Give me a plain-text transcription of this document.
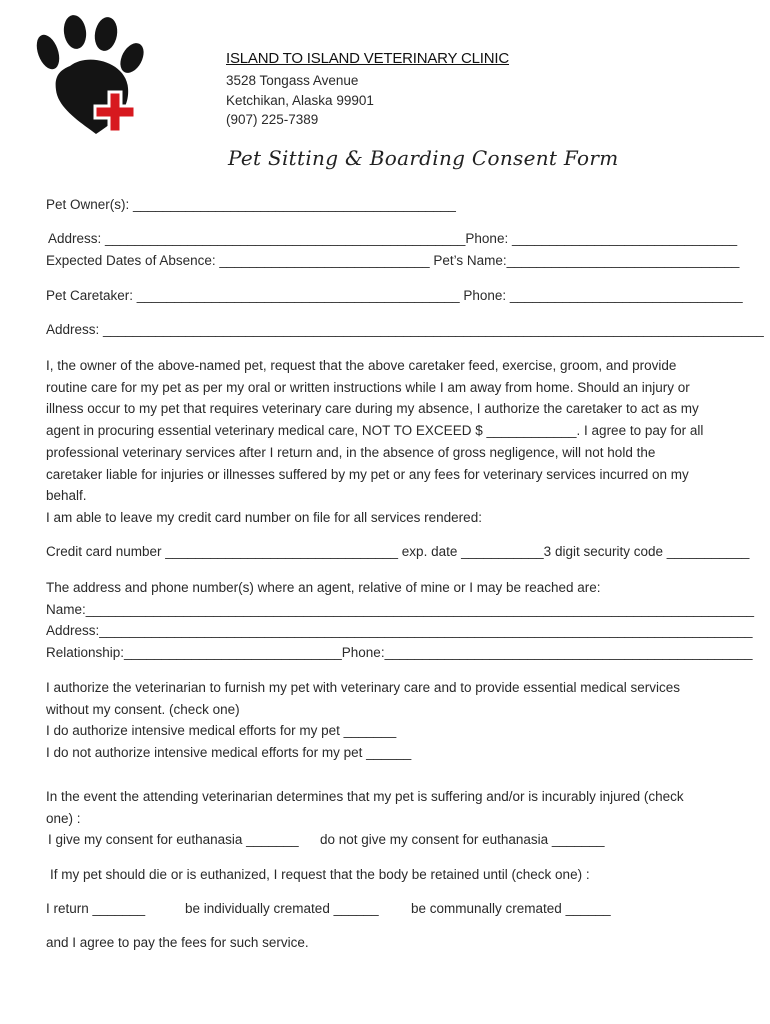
ISLAND TO ISLAND VETERINARY CLINIC
3528 Tongass Avenue
Ketchikan, Alaska 99901
(907) 225-7389
Pet Sitting & Boarding Consent Form
Pet Owner(s): ___________________________________________
Address: ________________________________________________Phone: ______________________________
Expected Dates of Absence: ____________________________ Pet’s Name:_______________________________
Pet Caretaker: ___________________________________________ Phone: _______________________________
Address: ________________________________________________________________________________________
I, the owner of the above-named pet, request that the above caretaker feed, exercise, groom, and provide
routine care for my pet as per my oral or written instructions while I am away from home. Should an injury or
illness occur to my pet that requires veterinary care during my absence, I authorize the caretaker to act as my
agent in procuring essential veterinary medical care, NOT TO EXCEED $ ____________. I agree to pay for all
professional veterinary services after I return and, in the absence of gross negligence, will not hold the
caretaker liable for injuries or illnesses suffered by my pet or any fees for veterinary services incurred on my
behalf.
I am able to leave my credit card number on file for all services rendered:
Credit card number _______________________________ exp. date ___________3 digit security code ___________
The address and phone number(s) where an agent, relative of mine or I may be reached are:
Name:_________________________________________________________________________________________
Address:_______________________________________________________________________________________
Relationship:_____________________________Phone:_________________________________________________
I authorize the veterinarian to furnish my pet with veterinary care and to provide essential medical services
without my consent. (check one)
I do authorize intensive medical efforts for my pet _______
I do not authorize intensive medical efforts for my pet ______
In the event the attending veterinarian determines that my pet is suffering and/or is incurably injured (check
one) :
I give my consent for euthanasia _______ do not give my consent for euthanasia _______
If my pet should die or is euthanized, I request that the body be retained until (check one) :
I return _______	be individually cremated ______ be communally cremated ______
and I agree to pay the fees for such service.
